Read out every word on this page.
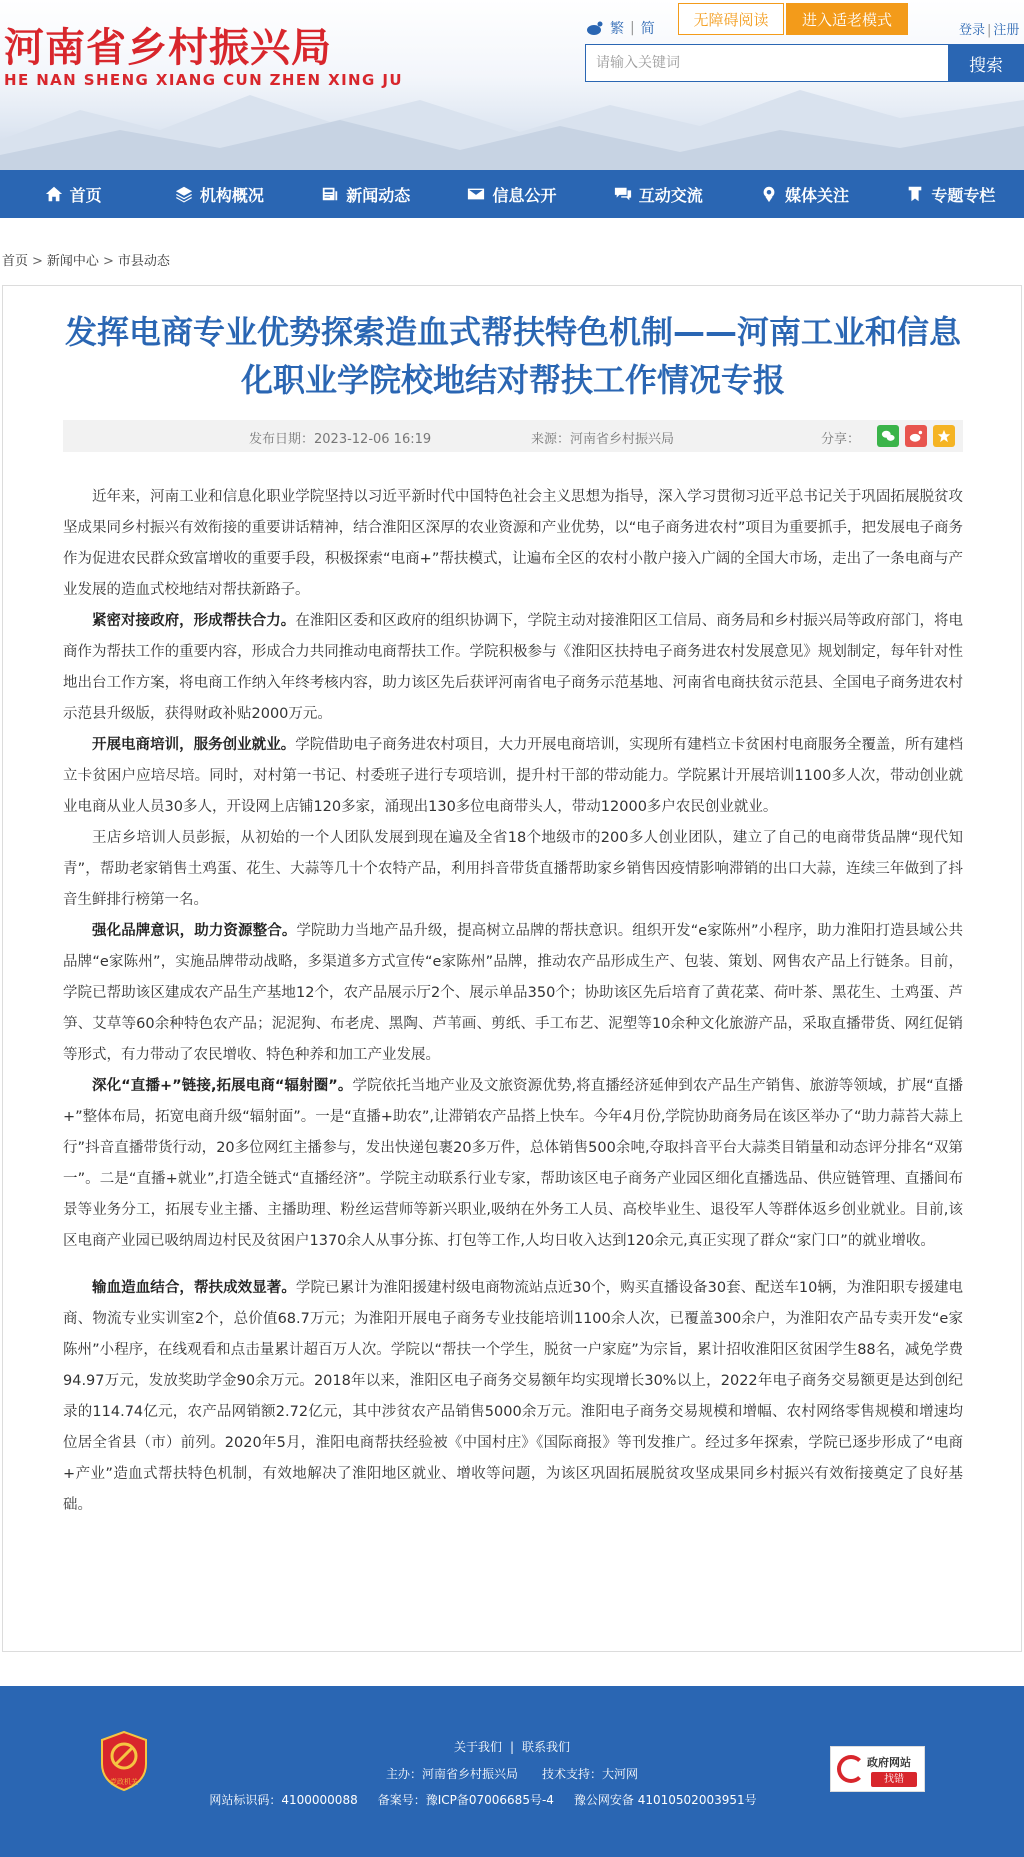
河南省乡村振兴局
HE NAN SHENG XIANG CUN ZHEN XING JU
繁 | 简
无障碍阅读	进入适老模式
登录 | 注册
请输入关键词
搜索
首页	机构概况	新闻动态	信息公开	互动交流	媒体关注	专题专栏
首页 > 新闻中心 > 市县动态
发挥电商专业优势探索造血式帮扶特色机制——河南工业和信息化职业学院校地结对帮扶工作情况专报
发布日期：2023-12-06 16:19	来源：河南省乡村振兴局	分享：

近年来，河南工业和信息化职业学院坚持以习近平新时代中国特色社会主义思想为指导，深入学习贯彻习近平总书记关于巩固拓展脱贫攻坚成果同乡村振兴有效衔接的重要讲话精神，结合淮阳区深厚的农业资源和产业优势，以“电子商务进农村”项目为重要抓手，把发展电子商务作为促进农民群众致富增收的重要手段，积极探索“电商+”帮扶模式，让遍布全区的农村小散户接入广阔的全国大市场，走出了一条电商与产业发展的造血式校地结对帮扶新路子。

紧密对接政府，形成帮扶合力。在淮阳区委和区政府的组织协调下，学院主动对接淮阳区工信局、商务局和乡村振兴局等政府部门，将电商作为帮扶工作的重要内容，形成合力共同推动电商帮扶工作。学院积极参与《淮阳区扶持电子商务进农村发展意见》规划制定，每年针对性地出台工作方案，将电商工作纳入年终考核内容，助力该区先后获评河南省电子商务示范基地、河南省电商扶贫示范县、全国电子商务进农村示范县升级版，获得财政补贴2000万元。

开展电商培训，服务创业就业。学院借助电子商务进农村项目，大力开展电商培训，实现所有建档立卡贫困村电商服务全覆盖，所有建档立卡贫困户应培尽培。同时，对村第一书记、村委班子进行专项培训，提升村干部的带动能力。学院累计开展培训1100多人次，带动创业就业电商从业人员30多人，开设网上店铺120多家，涌现出130多位电商带头人，带动12000多户农民创业就业。

王店乡培训人员彭振，从初始的一个人团队发展到现在遍及全省18个地级市的200多人创业团队，建立了自己的电商带货品牌“现代知青”，帮助老家销售土鸡蛋、花生、大蒜等几十个农特产品，利用抖音带货直播帮助家乡销售因疫情影响滞销的出口大蒜，连续三年做到了抖音生鲜排行榜第一名。

强化品牌意识，助力资源整合。学院助力当地产品升级，提高树立品牌的帮扶意识。组织开发“e家陈州”小程序，助力淮阳打造县域公共品牌“e家陈州”，实施品牌带动战略，多渠道多方式宣传“e家陈州”品牌，推动农产品形成生产、包装、策划、网售农产品上行链条。目前，学院已帮助该区建成农产品生产基地12个，农产品展示厅2个、展示单品350个；协助该区先后培育了黄花菜、荷叶茶、黑花生、土鸡蛋、芦笋、艾草等60余种特色农产品；泥泥狗、布老虎、黑陶、芦苇画、剪纸、手工布艺、泥塑等10余种文化旅游产品，采取直播带货、网红促销等形式，有力带动了农民增收、特色种养和加工产业发展。

深化“直播+”链接,拓展电商“辐射圈”。学院依托当地产业及文旅资源优势,将直播经济延伸到农产品生产销售、旅游等领域，扩展“直播+”整体布局，拓宽电商升级“辐射面”。一是“直播+助农”,让滞销农产品搭上快车。今年4月份,学院协助商务局在该区举办了“助力蒜苔大蒜上行”抖音直播带货行动，20多位网红主播参与，发出快递包裹20多万件，总体销售500余吨,夺取抖音平台大蒜类目销量和动态评分排名“双第一”。二是“直播+就业”,打造全链式“直播经济”。学院主动联系行业专家，帮助该区电子商务产业园区细化直播选品、供应链管理、直播间布景等业务分工，拓展专业主播、主播助理、粉丝运营师等新兴职业,吸纳在外务工人员、高校毕业生、退役军人等群体返乡创业就业。目前,该区电商产业园已吸纳周边村民及贫困户1370余人从事分拣、打包等工作,人均日收入达到120余元,真正实现了群众“家门口”的就业增收。

输血造血结合，帮扶成效显著。学院已累计为淮阳援建村级电商物流站点近30个，购买直播设备30套、配送车10辆，为淮阳职专援建电商、物流专业实训室2个，总价值68.7万元；为淮阳开展电子商务专业技能培训1100余人次，已覆盖300余户，为淮阳农产品专卖开发“e家陈州”小程序，在线观看和点击量累计超百万人次。学院以“帮扶一个学生，脱贫一户家庭”为宗旨，累计招收淮阳区贫困学生88名，减免学费94.97万元，发放奖助学金90余万元。2018年以来，淮阳区电子商务交易额年均实现增长30%以上，2022年电子商务交易额更是达到创纪录的114.74亿元，农产品网销额2.72亿元，其中涉贫农产品销售5000余万元。淮阳电子商务交易规模和增幅、农村网络零售规模和增速均位居全省县（市）前列。2020年5月，淮阳电商帮扶经验被《中国村庄》《国际商报》等刊发推广。经过多年探索，学院已逐步形成了“电商+产业”造血式帮扶特色机制，有效地解决了淮阳地区就业、增收等问题，为该区巩固拓展脱贫攻坚成果同乡村振兴有效衔接奠定了良好基础。

党政机关
关于我们 | 联系我们
主办：河南省乡村振兴局 技术支持：大河网
网站标识码：4100000088 备案号：豫ICP备07006685号-4 豫公网安备 41010502003951号
政府网站
找错
